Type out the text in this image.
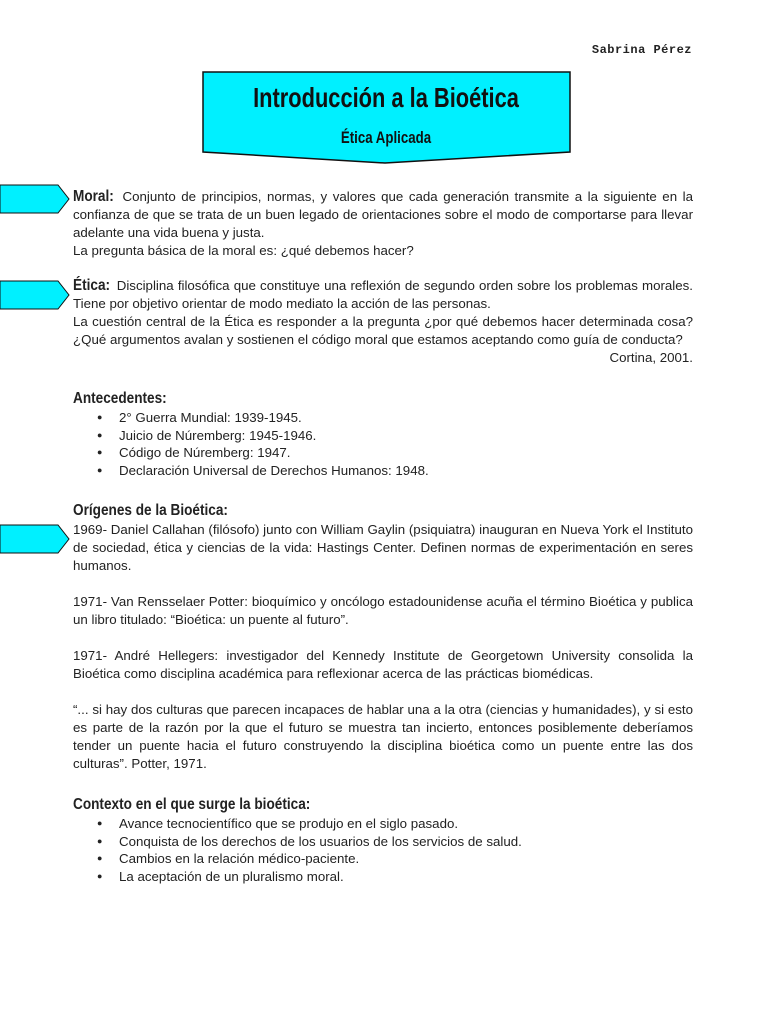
Sabrina Pérez
Introducción a la Bioética
Ética Aplicada

Moral: Conjunto de principios, normas, y valores que cada generación transmite a la siguiente en la confianza de que se trata de un buen legado de orientaciones sobre el modo de comportarse para llevar adelante una vida buena y justa.

La pregunta básica de la moral es: ¿qué debemos hacer?

Ética: Disciplina filosófica que constituye una reflexión de segundo orden sobre los problemas morales. Tiene por objetivo orientar de modo mediato la acción de las personas.

La cuestión central de la Ética es responder a la pregunta ¿por qué debemos hacer determinada cosa? ¿Qué argumentos avalan y sostienen el código moral que estamos aceptando como guía de conducta?

Cortina, 2001.

Antecedentes:
● 2° Guerra Mundial: 1939-1945.
● Juicio de Núremberg: 1945-1946.
● Código de Núremberg: 1947.
● Declaración Universal de Derechos Humanos: 1948.
Orígenes de la Bioética:

1969- Daniel Callahan (filósofo) junto con William Gaylin (psiquiatra) inauguran en Nueva York el Instituto de sociedad, ética y ciencias de la vida: Hastings Center. Definen normas de experimentación en seres humanos.

1971- Van Rensselaer Potter: bioquímico y oncólogo estadounidense acuña el término Bioética y publica un libro titulado: “Bioética: un puente al futuro”.

1971- André Hellegers: investigador del Kennedy Institute de Georgetown University consolida la Bioética como disciplina académica para reflexionar acerca de las prácticas biomédicas.

“... si hay dos culturas que parecen incapaces de hablar una a la otra (ciencias y humanidades), y si esto es parte de la razón por la que el futuro se muestra tan incierto, entonces posiblemente deberíamos tender un puente hacia el futuro construyendo la disciplina bioética como un puente entre las dos culturas”. Potter, 1971.

Contexto en el que surge la bioética:
● Avance tecnocientífico que se produjo en el siglo pasado.
● Conquista de los derechos de los usuarios de los servicios de salud.
● Cambios en la relación médico-paciente.
● La aceptación de un pluralismo moral.
